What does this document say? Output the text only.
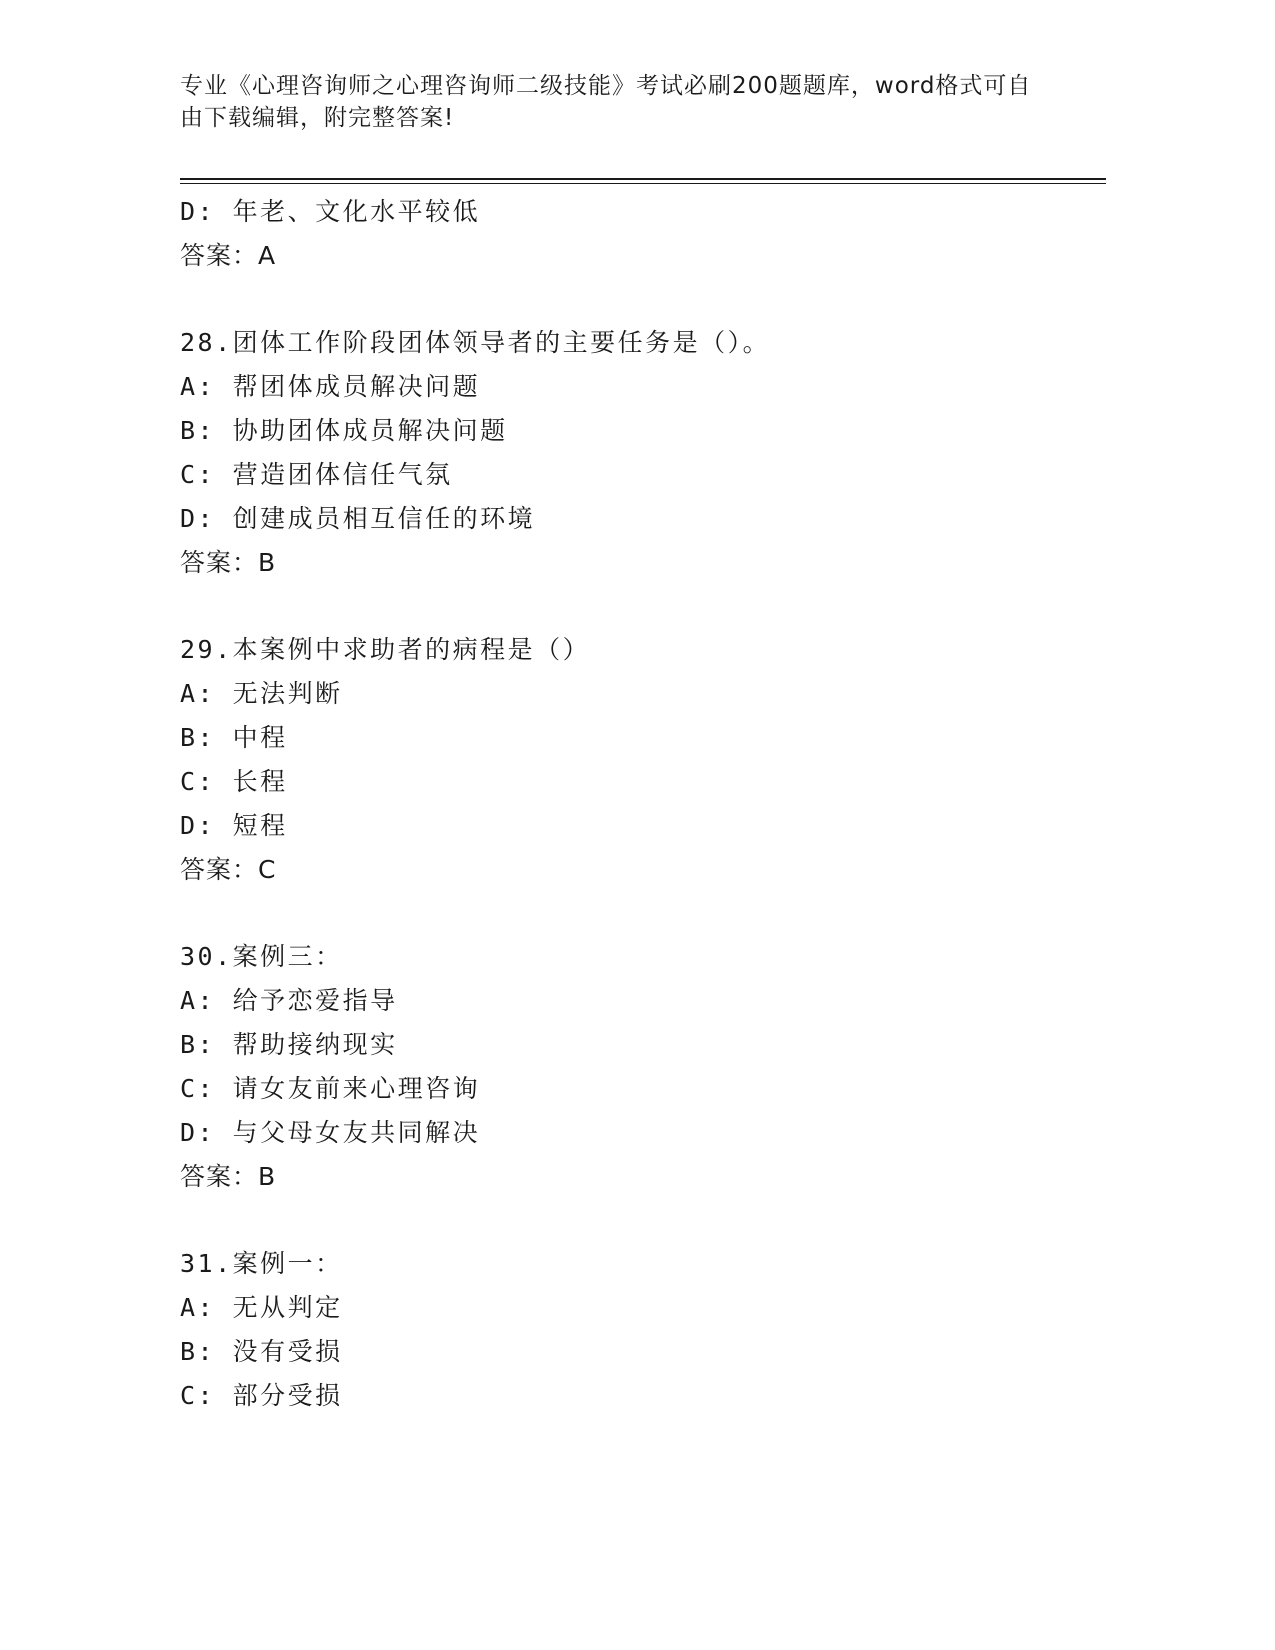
专业《心理咨询师之心理咨询师二级技能》考试必刷200题题库，word格式可自
由下载编辑，附完整答案!
D: 年老、文化水平较低
答案：A
28.团体工作阶段团体领导者的主要任务是（）。
A: 帮团体成员解决问题
B: 协助团体成员解决问题
C: 营造团体信任气氛
D: 创建成员相互信任的环境
答案：B
29.本案例中求助者的病程是（）
A: 无法判断
B: 中程
C: 长程
D: 短程
答案：C
30.案例三：
A: 给予恋爱指导
B: 帮助接纳现实
C: 请女友前来心理咨询
D: 与父母女友共同解决
答案：B
31.案例一：
A: 无从判定
B: 没有受损
C: 部分受损
